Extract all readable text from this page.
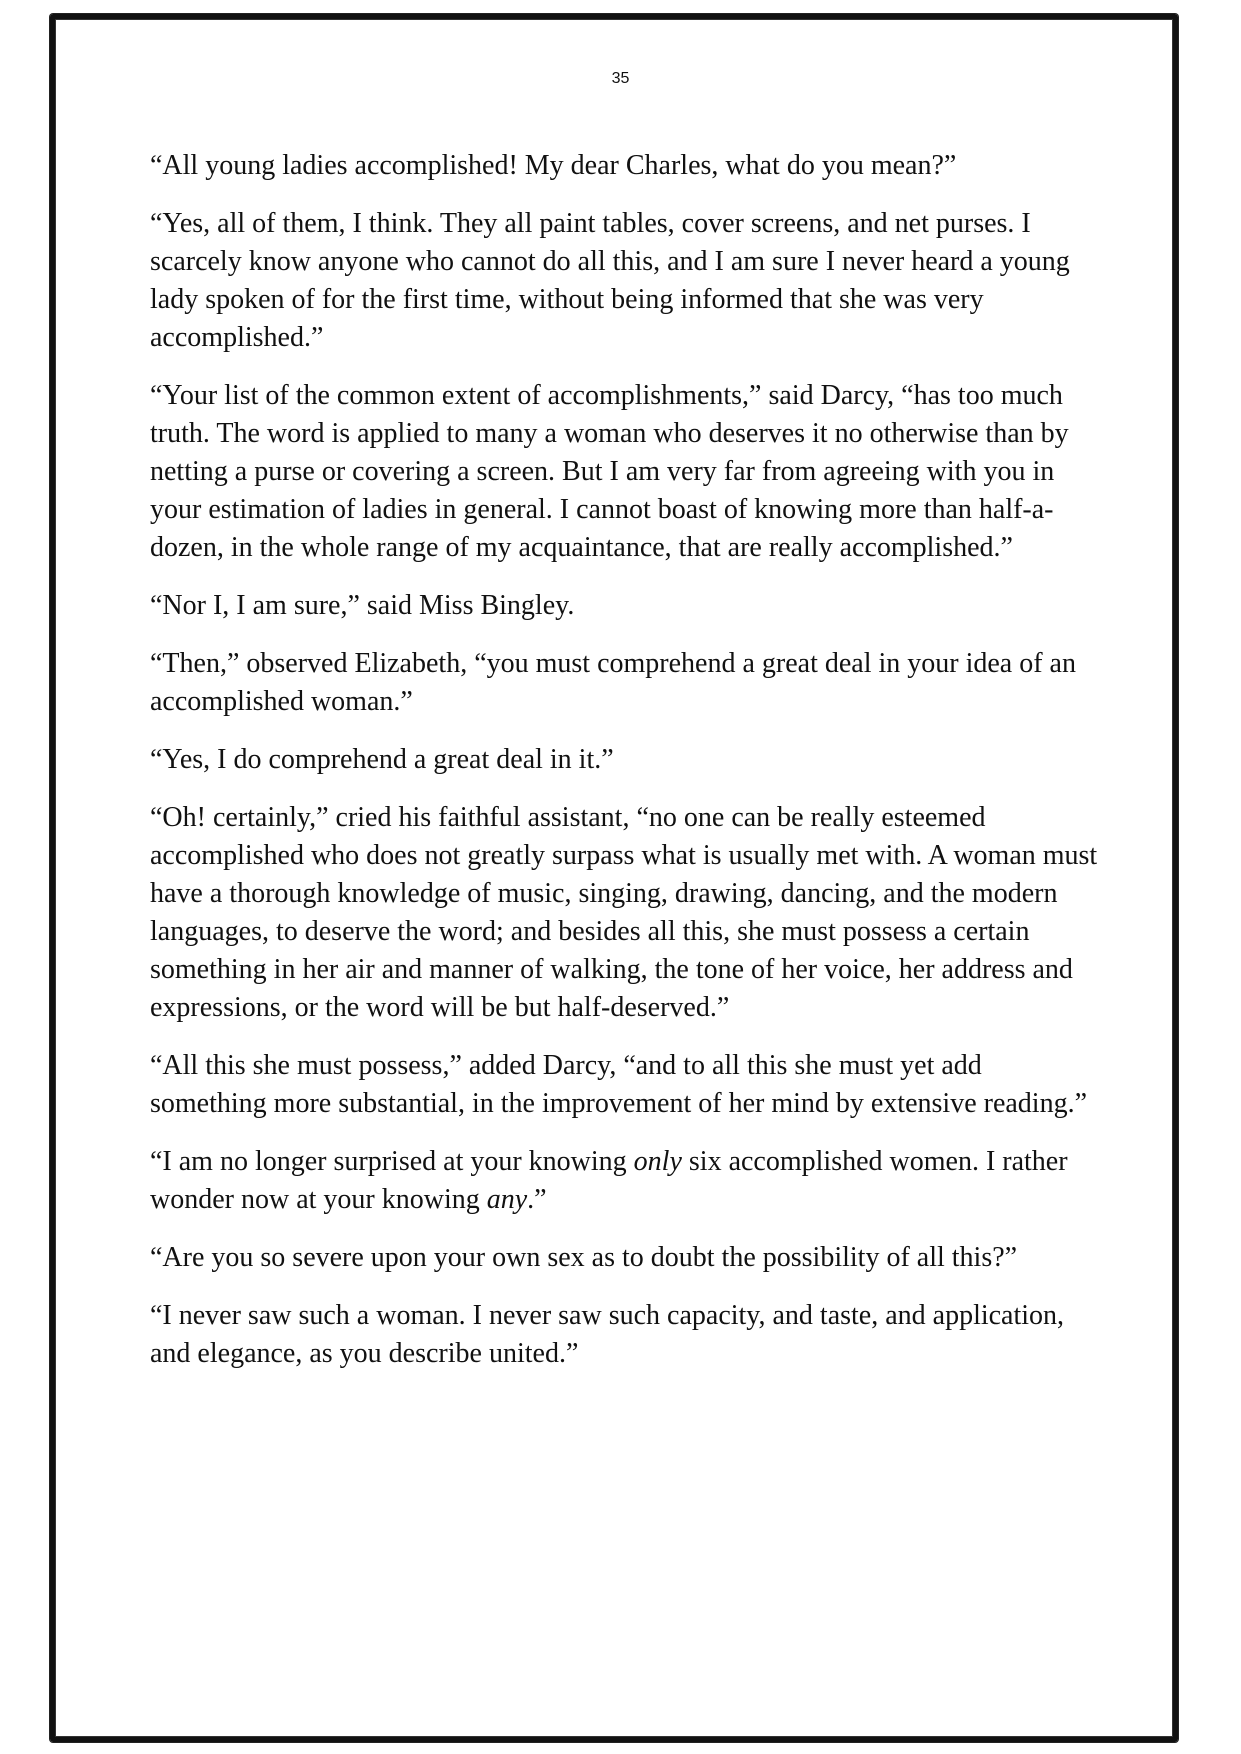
35

“All young ladies accomplished! My dear Charles, what do you mean?”

“Yes, all of them, I think. They all paint tables, cover screens, and net purses. I scarcely know anyone who cannot do all this, and I am sure I never heard a young lady spoken of for the first time, without being informed that she was very accomplished.”

“Your list of the common extent of accomplishments,” said Darcy, “has too much truth. The word is applied to many a woman who deserves it no otherwise than by netting a purse or covering a screen. But I am very far from agreeing with you in your estimation of ladies in general. I cannot boast of knowing more than half-a-dozen, in the whole range of my acquaintance, that are really accomplished.”

“Nor I, I am sure,” said Miss Bingley.

“Then,” observed Elizabeth, “you must comprehend a great deal in your idea of an accomplished woman.”

“Yes, I do comprehend a great deal in it.”

“Oh! certainly,” cried his faithful assistant, “no one can be really esteemed accomplished who does not greatly surpass what is usually met with. A woman must have a thorough knowledge of music, singing, drawing, dancing, and the modern languages, to deserve the word; and besides all this, she must possess a certain something in her air and manner of walking, the tone of her voice, her address and expressions, or the word will be but half-deserved.”

“All this she must possess,” added Darcy, “and to all this she must yet add something more substantial, in the improvement of her mind by extensive reading.”

“I am no longer surprised at your knowing only six accomplished women. I rather wonder now at your knowing any.”

“Are you so severe upon your own sex as to doubt the possibility of all this?”

“I never saw such a woman. I never saw such capacity, and taste, and application, and elegance, as you describe united.”
